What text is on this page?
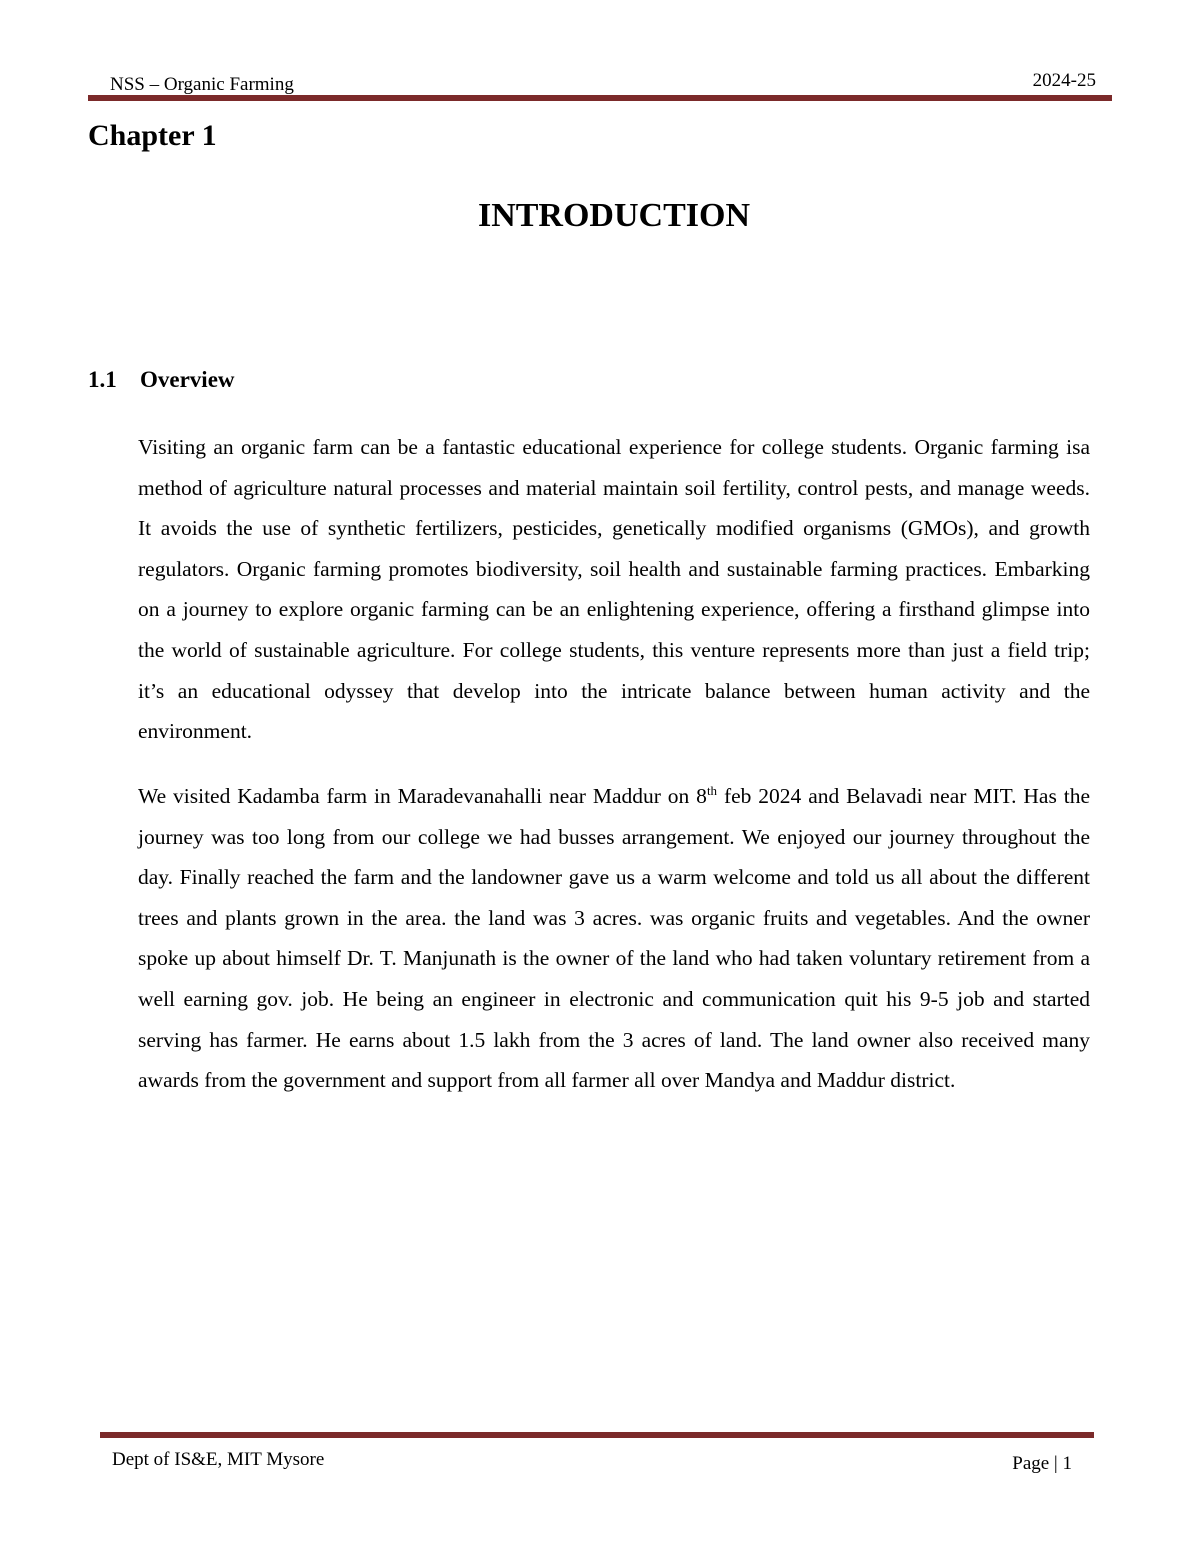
NSS – Organic Farming	2024-25
Chapter 1
INTRODUCTION
1.1 Overview

Visiting an organic farm can be a fantastic educational experience for college students. Organic farming isa method of agriculture natural processes and material maintain soil fertility, control pests, and manage weeds. It avoids the use of synthetic fertilizers, pesticides, genetically modified organisms (GMOs), and growth regulators. Organic farming promotes biodiversity, soil health and sustainable farming practices. Embarking on a journey to explore organic farming can be an enlightening experience, offering a firsthand glimpse into the world of sustainable agriculture. For college students, this venture represents more than just a field trip; it’s an educational odyssey that develop into the intricate balance between human activity and the environment.

We visited Kadamba farm in Maradevanahalli near Maddur on 8th feb 2024 and Belavadi near MIT. Has the journey was too long from our college we had busses arrangement. We enjoyed our journey throughout the day. Finally reached the farm and the landowner gave us a warm welcome and told us all about the different trees and plants grown in the area. the land was 3 acres. was organic fruits and vegetables. And the owner spoke up about himself Dr. T. Manjunath is the owner of the land who had taken voluntary retirement from a well earning gov. job. He being an engineer in electronic and communication quit his 9-5 job and started serving has farmer. He earns about 1.5 lakh from the 3 acres of land. The land owner also received many awards from the government and support from all farmer all over Mandya and Maddur district.

Dept of IS&E, MIT Mysore	Page | 1
